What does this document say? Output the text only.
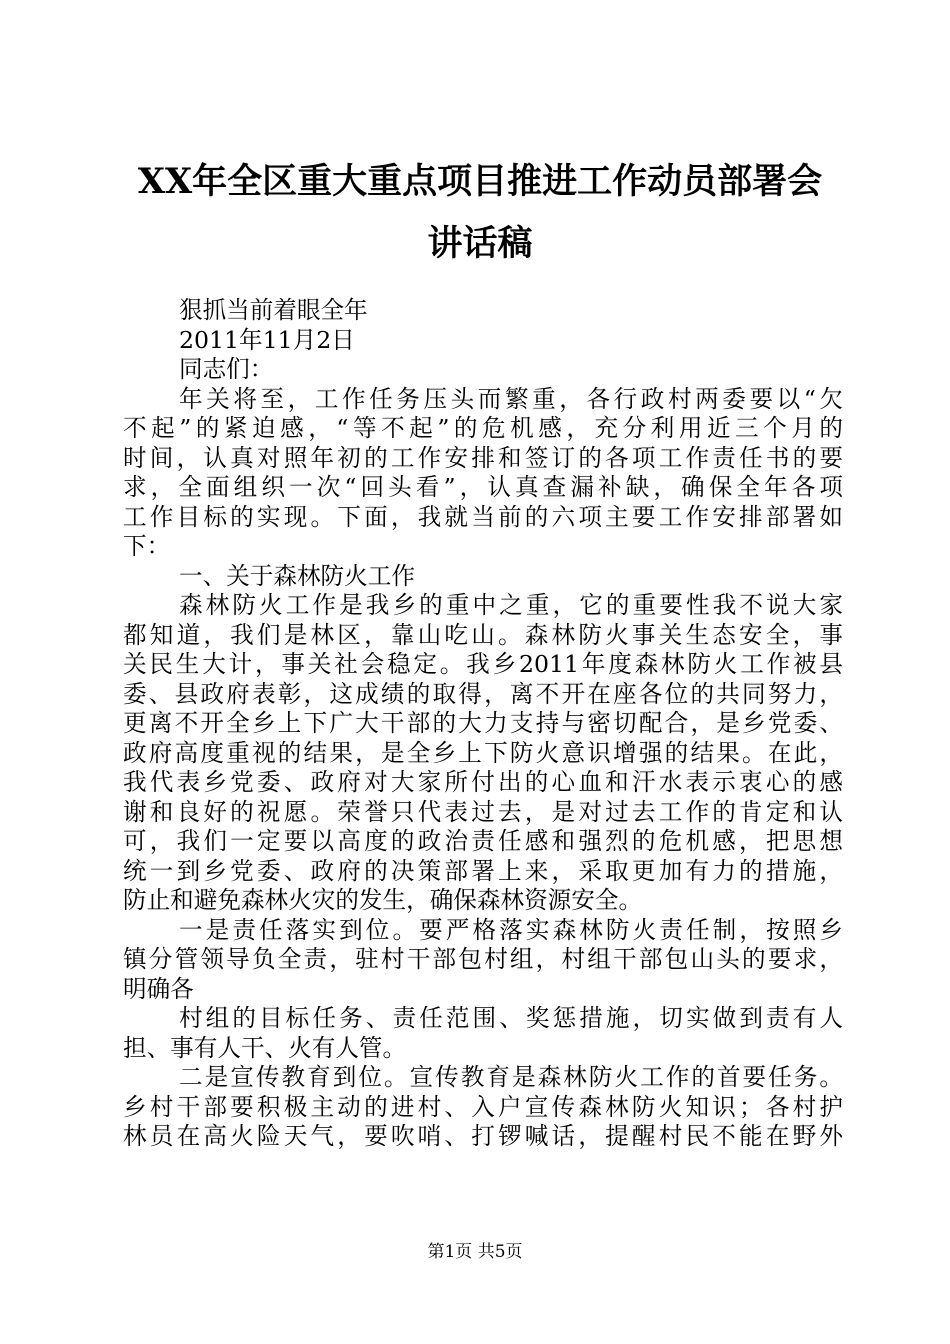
XX年全区重大重点项目推进工作动员部署会
讲话稿
狠抓当前着眼全年
2011年11月2日
同志们：
年关将至，工作任务压头而繁重，各行政村两委要以“欠
不起”的紧迫感，“等不起”的危机感，充分利用近三个月的
时间，认真对照年初的工作安排和签订的各项工作责任书的要
求，全面组织一次“回头看”，认真查漏补缺，确保全年各项
工作目标的实现。下面，我就当前的六项主要工作安排部署如
下：
一、关于森林防火工作
森林防火工作是我乡的重中之重，它的重要性我不说大家
都知道，我们是林区，靠山吃山。森林防火事关生态安全，事
关民生大计，事关社会稳定。我乡2011年度森林防火工作被县
委、县政府表彰，这成绩的取得，离不开在座各位的共同努力，
更离不开全乡上下广大干部的大力支持与密切配合，是乡党委、
政府高度重视的结果，是全乡上下防火意识增强的结果。在此，
我代表乡党委、政府对大家所付出的心血和汗水表示衷心的感
谢和良好的祝愿。荣誉只代表过去，是对过去工作的肯定和认
可，我们一定要以高度的政治责任感和强烈的危机感，把思想
统一到乡党委、政府的决策部署上来，采取更加有力的措施，
防止和避免森林火灾的发生，确保森林资源安全。
一是责任落实到位。要严格落实森林防火责任制，按照乡
镇分管领导负全责，驻村干部包村组，村组干部包山头的要求，
明确各
村组的目标任务、责任范围、奖惩措施，切实做到责有人
担、事有人干、火有人管。
二是宣传教育到位。宣传教育是森林防火工作的首要任务。
乡村干部要积极主动的进村、入户宣传森林防火知识；各村护
林员在高火险天气，要吹哨、打锣喊话，提醒村民不能在野外
第1页 共5页
